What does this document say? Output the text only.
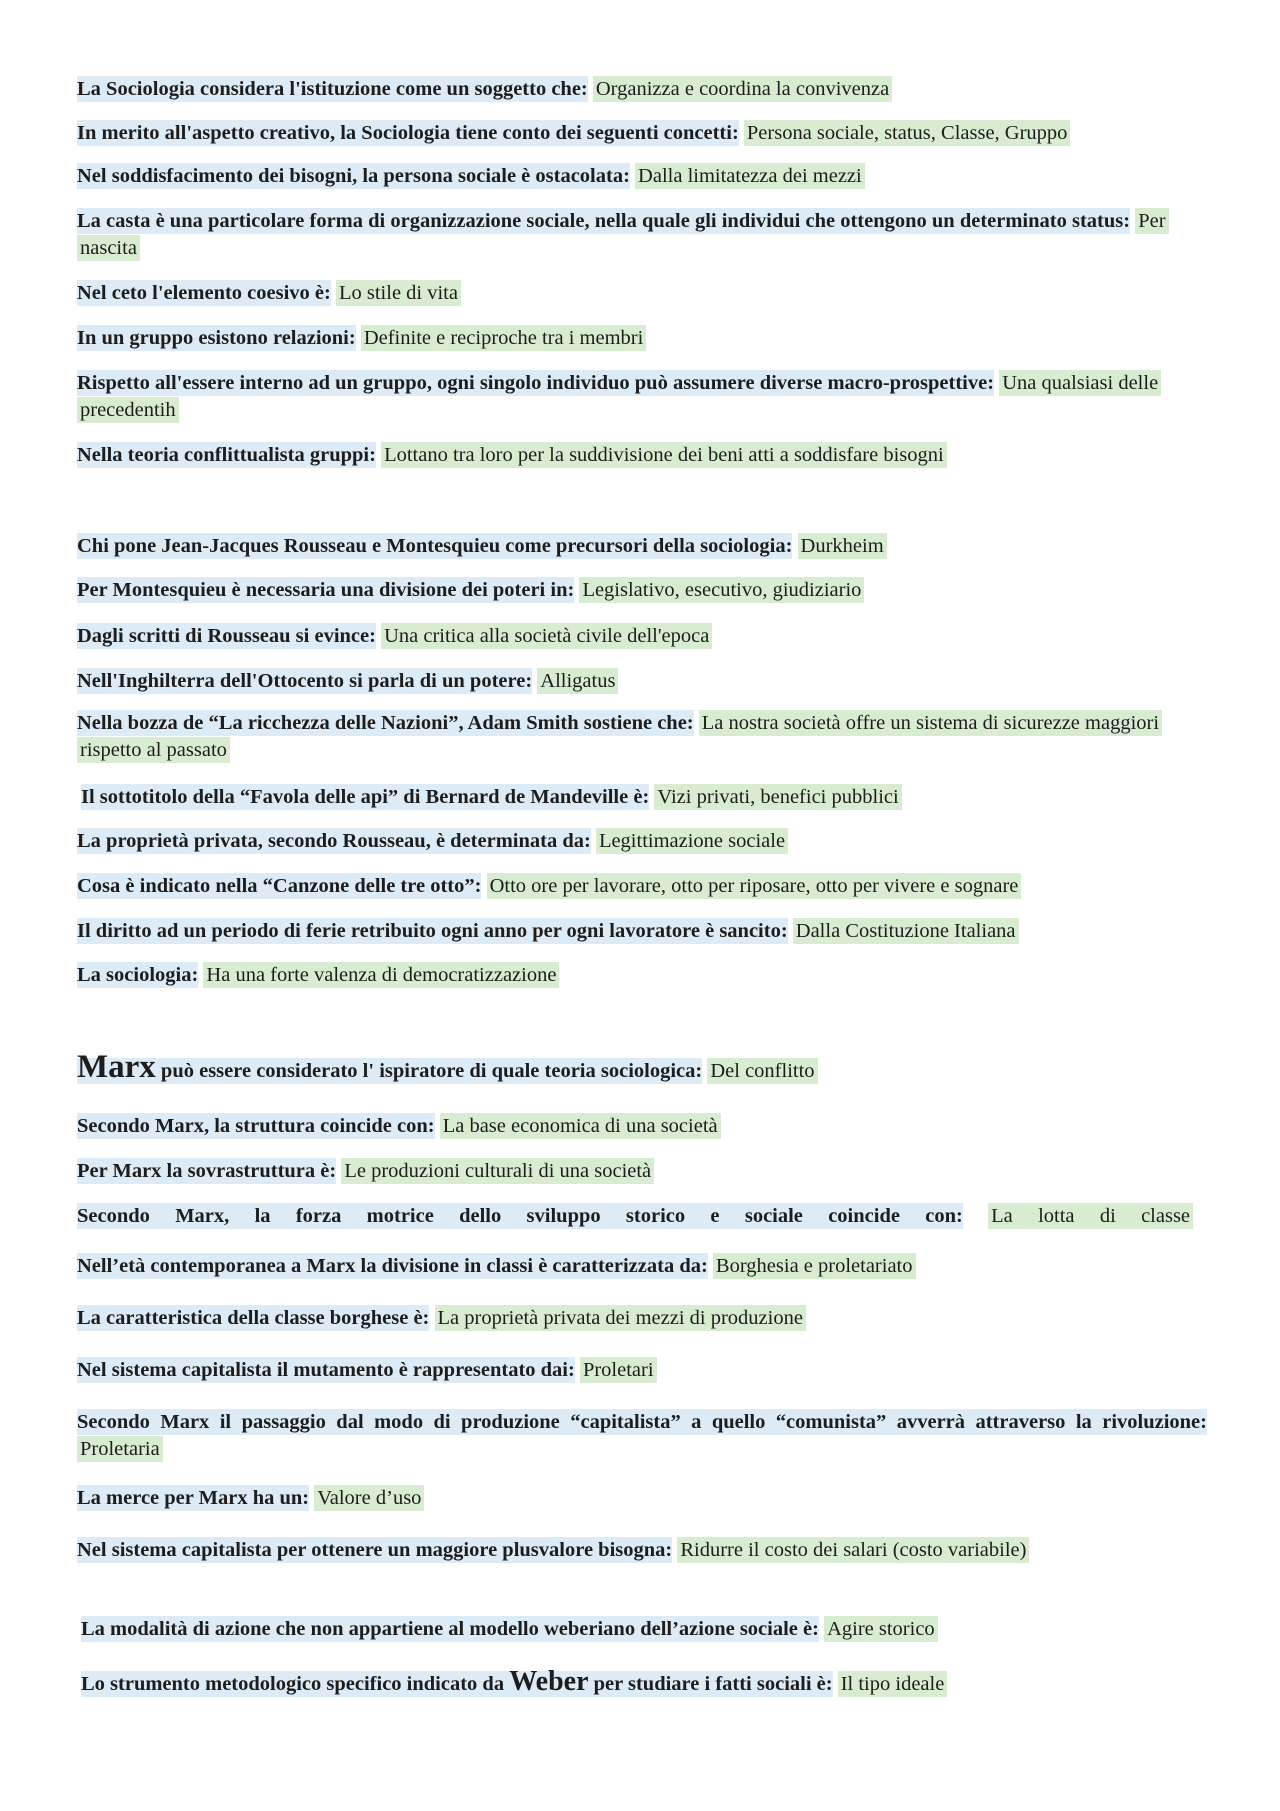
La Sociologia considera l'istituzione come un soggetto che: Organizza e coordina la convivenza
In merito all'aspetto creativo, la Sociologia tiene conto dei seguenti concetti: Persona sociale, status, Classe, Gruppo
Nel soddisfacimento dei bisogni, la persona sociale è ostacolata: Dalla limitatezza dei mezzi
La casta è una particolare forma di organizzazione sociale, nella quale gli individui che ottengono un determinato status: Per nascita
Nel ceto l'elemento coesivo è: Lo stile di vita
In un gruppo esistono relazioni: Definite e reciproche tra i membri
Rispetto all'essere interno ad un gruppo, ogni singolo individuo può assumere diverse macro-prospettive: Una qualsiasi delle precedentih
Nella teoria conflittualista gruppi: Lottano tra loro per la suddivisione dei beni atti a soddisfare bisogni
Chi pone Jean-Jacques Rousseau e Montesquieu come precursori della sociologia: Durkheim
Per Montesquieu è necessaria una divisione dei poteri in: Legislativo, esecutivo, giudiziario
Dagli scritti di Rousseau si evince: Una critica alla società civile dell'epoca
Nell'Inghilterra dell'Ottocento si parla di un potere: Alligatus
Nella bozza de “La ricchezza delle Nazioni”, Adam Smith sostiene che: La nostra società offre un sistema di sicurezze maggiori rispetto al passato
Il sottotitolo della “Favola delle api” di Bernard de Mandeville è: Vizi privati, benefici pubblici
La proprietà privata, secondo Rousseau, è determinata da: Legittimazione sociale
Cosa è indicato nella “Canzone delle tre otto”: Otto ore per lavorare, otto per riposare, otto per vivere e sognare
Il diritto ad un periodo di ferie retribuito ogni anno per ogni lavoratore è sancito: Dalla Costituzione Italiana
La sociologia: Ha una forte valenza di democratizzazione
Marx può essere considerato l' ispiratore di quale teoria sociologica: Del conflitto
Secondo Marx, la struttura coincide con: La base economica di una società
Per Marx la sovrastruttura è: Le produzioni culturali di una società
Secondo Marx, la forza motrice dello sviluppo storico e sociale coincide con: La lotta di classe
Nell’età contemporanea a Marx la divisione in classi è caratterizzata da: Borghesia e proletariato
La caratteristica della classe borghese è: La proprietà privata dei mezzi di produzione
Nel sistema capitalista il mutamento è rappresentato dai: Proletari
Secondo Marx il passaggio dal modo di produzione “capitalista” a quello “comunista” avverrà attraverso la rivoluzione: Proletaria
La merce per Marx ha un: Valore d’uso
Nel sistema capitalista per ottenere un maggiore plusvalore bisogna: Ridurre il costo dei salari (costo variabile)
La modalità di azione che non appartiene al modello weberiano dell’azione sociale è: Agire storico
Lo strumento metodologico specifico indicato da Weber per studiare i fatti sociali è: Il tipo ideale
